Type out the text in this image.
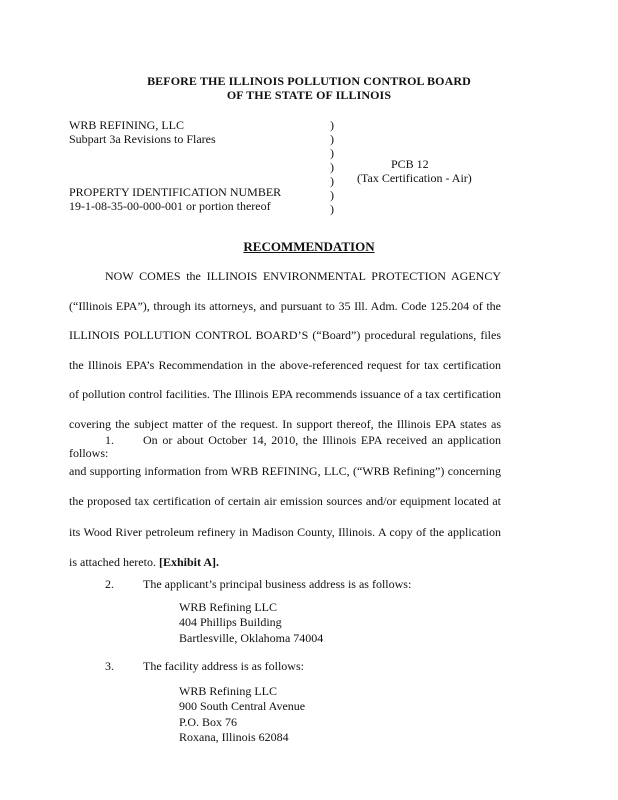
BEFORE THE ILLINOIS POLLUTION CONTROL BOARD
OF THE STATE OF ILLINOIS
WRB REFINING, LLC
Subpart 3a Revisions to Flares
PROPERTY IDENTIFICATION NUMBER
19-1-08-35-00-000-001 or portion thereof
)
)
)
)
)
)
)
PCB 12
(Tax Certification - Air)
RECOMMENDATION
NOW COMES the ILLINOIS ENVIRONMENTAL PROTECTION AGENCY (“Illinois EPA”), through its attorneys, and pursuant to 35 Ill. Adm. Code 125.204 of the ILLINOIS POLLUTION CONTROL BOARD’S (“Board”) procedural regulations, files the Illinois EPA’s Recommendation in the above-referenced request for tax certification of pollution control facilities. The Illinois EPA recommends issuance of a tax certification covering the subject matter of the request. In support thereof, the Illinois EPA states as follows:
1. On or about October 14, 2010, the Illinois EPA received an application and supporting information from WRB REFINING, LLC, (“WRB Refining”) concerning the proposed tax certification of certain air emission sources and/or equipment located at its Wood River petroleum refinery in Madison County, Illinois. A copy of the application is attached hereto. [Exhibit A].
2. The applicant’s principal business address is as follows:
WRB Refining LLC
404 Phillips Building
Bartlesville, Oklahoma 74004
3. The facility address is as follows:
WRB Refining LLC
900 South Central Avenue
P.O. Box 76
Roxana, Illinois 62084
